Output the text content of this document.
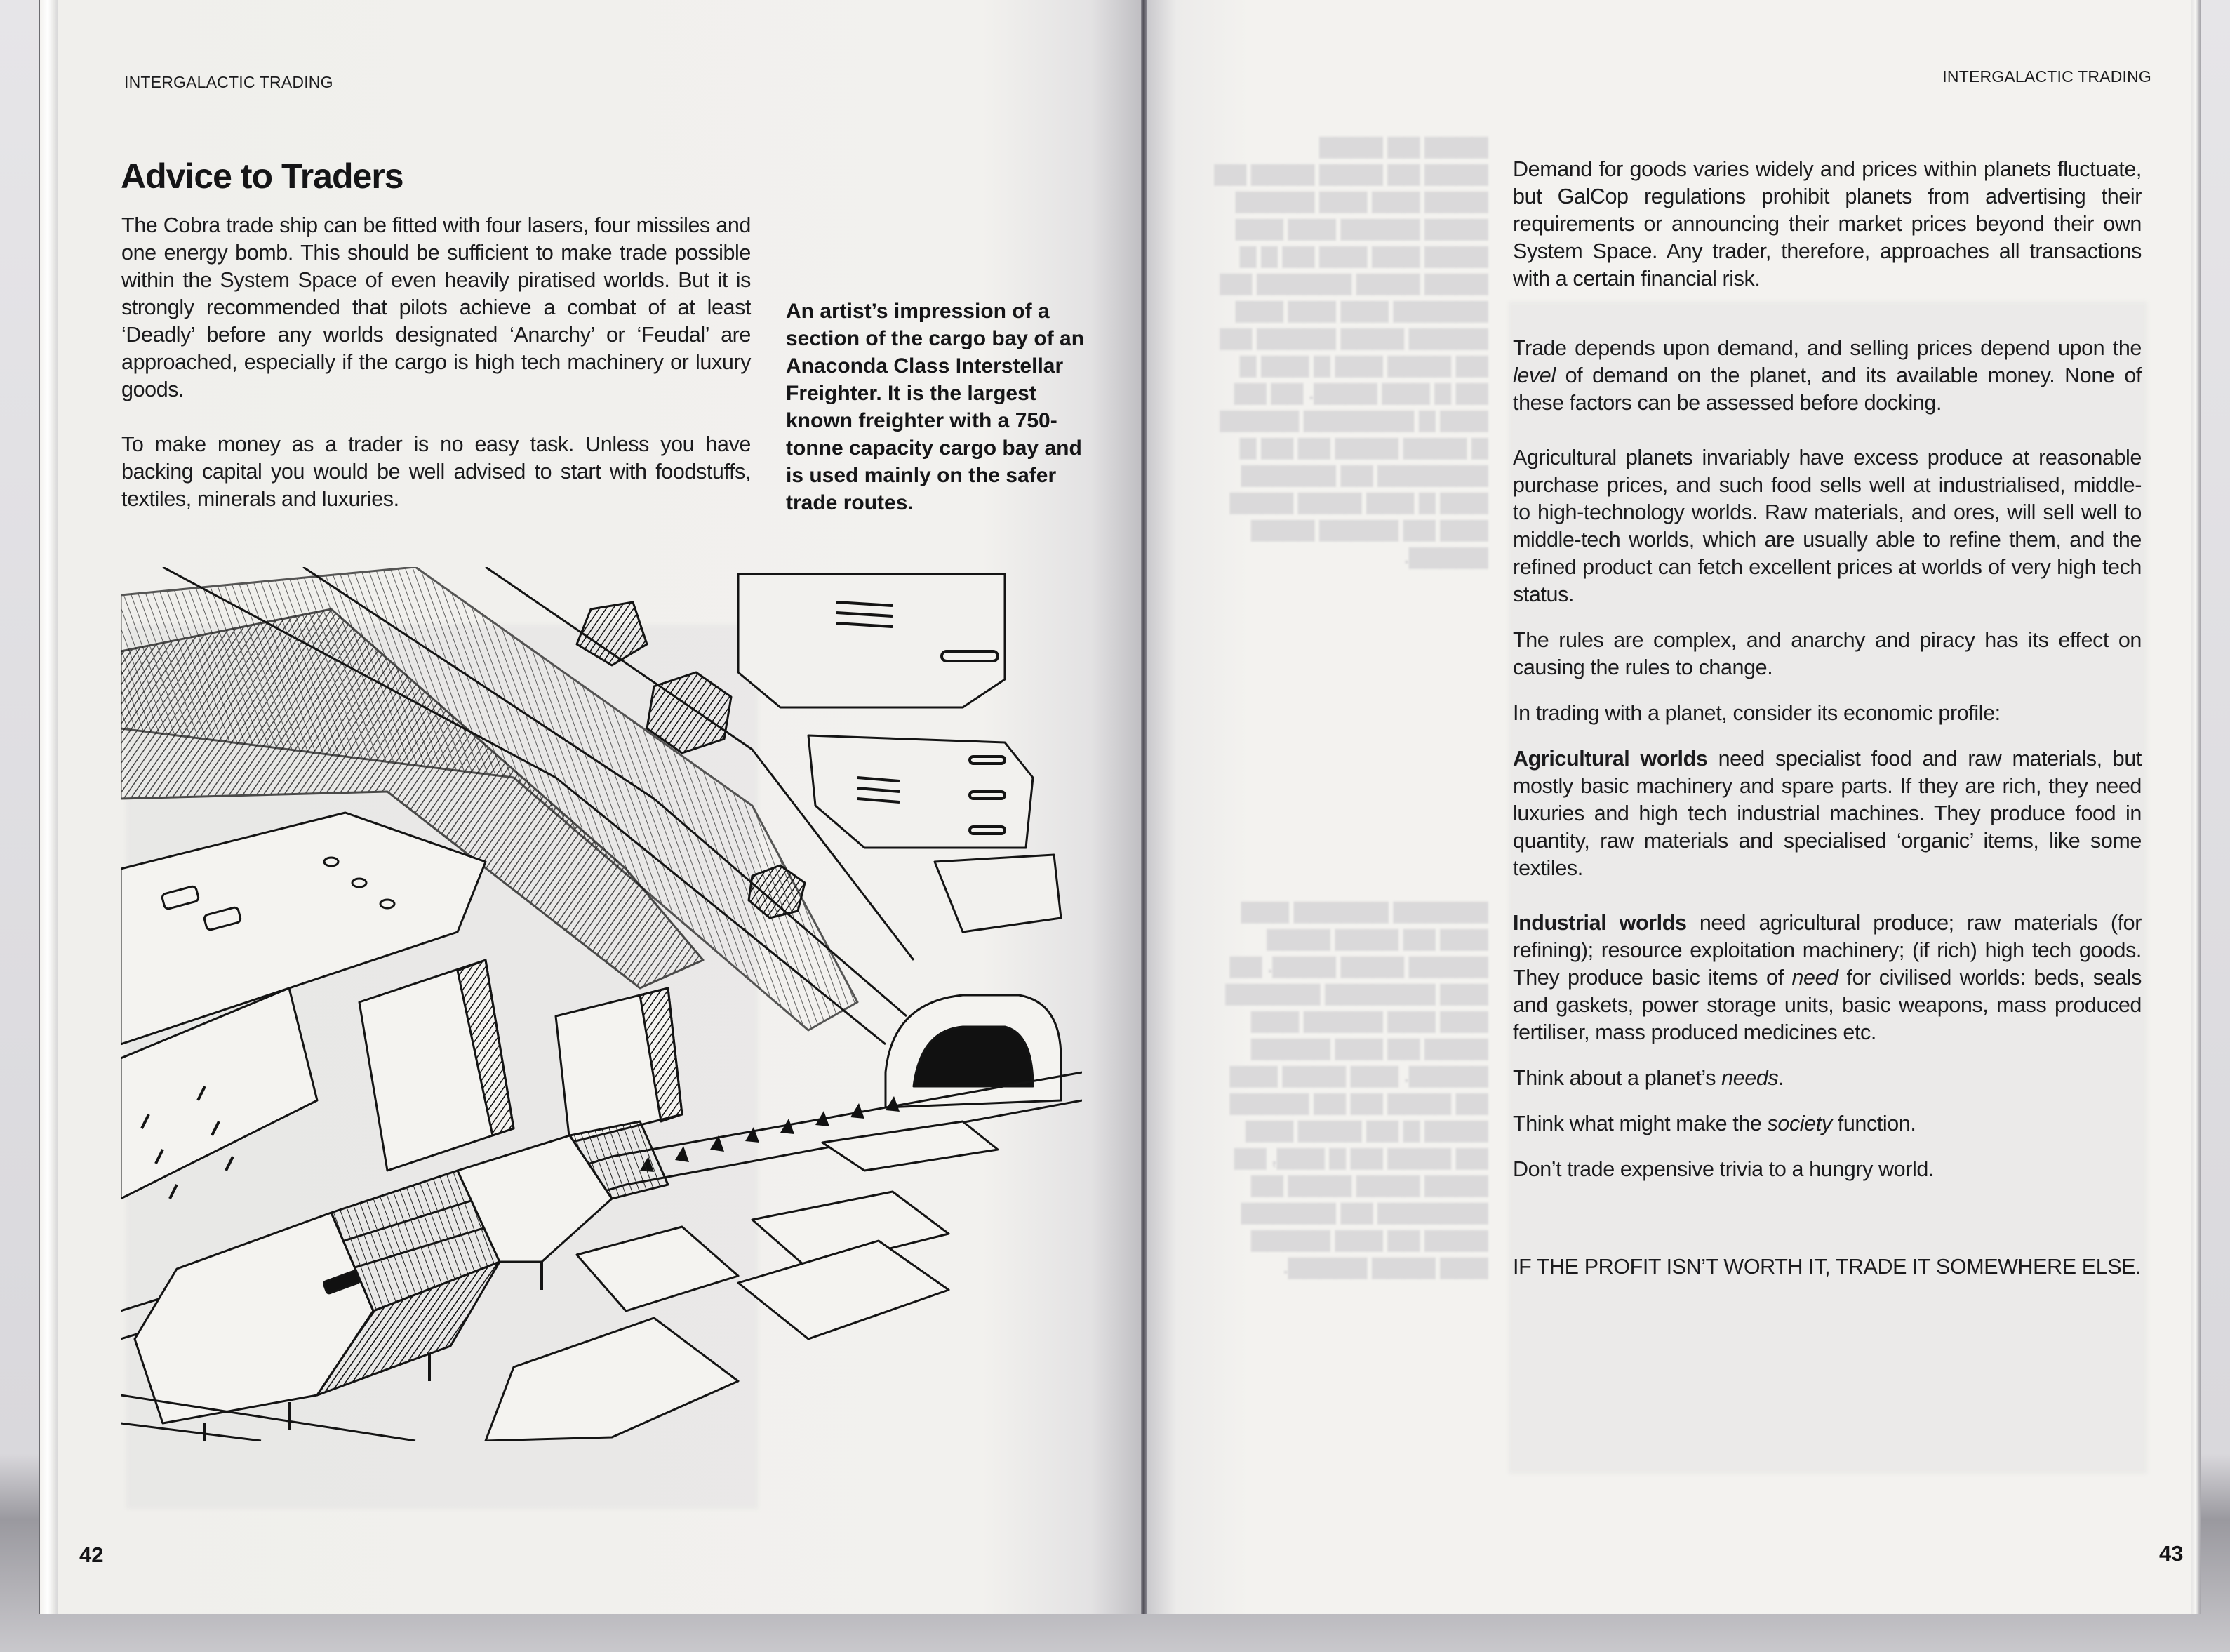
▇▇▇▇ ▇▇ ▇▇▇▇
▇▇▇▇ ▇▇ ▇▇▇▇ ▇▇▇▇ ▇▇
▇▇▇▇ ▇▇▇ ▇▇▇ ▇▇▇▇▇
▇▇▇▇ ▇▇▇▇▇ ▇▇▇ ▇▇▇
▇▇▇▇ ▇▇▇ ▇▇▇ ▇▇ ▇ ▇
▇▇▇▇ ▇▇▇▇ ▇▇▇▇▇▇ ▇▇
▇▇▇▇▇▇ ▇▇▇ ▇▇▇ ▇▇▇
▇▇▇▇▇ ▇▇▇▇ ▇▇▇▇▇ ▇▇
▇▇ ▇▇▇▇ ▇▇▇ ▇ ▇▇▇ ▇
▇▇ ▇ ▇▇▇ ▇▇▇▇. ▇▇ ▇▇
▇▇▇ ▇ ▇▇▇▇▇▇▇ ▇▇▇▇▇
▇ ▇▇▇▇ ▇▇▇▇ ▇▇ ▇▇ ▇
▇▇▇▇▇▇▇ ▇▇ ▇▇▇▇▇▇
▇▇▇ ▇ ▇▇▇ ▇▇▇▇ ▇▇▇▇
▇▇▇ ▇▇ ▇▇▇▇▇ ▇▇▇▇
▇▇▇▇▇.
▇▇▇▇▇▇ ▇▇▇▇▇▇ ▇▇▇
▇▇▇ ▇▇ ▇▇▇▇ ▇▇▇▇
▇▇▇▇▇ ▇▇▇▇ ▇▇▇▇. ▇▇
▇▇▇ ▇▇▇▇▇▇▇ ▇▇▇▇▇▇
▇▇▇ ▇▇▇ ▇▇▇▇▇ ▇▇▇
▇▇▇▇ ▇▇ ▇▇▇ ▇▇▇▇▇
▇▇▇▇▇. ▇▇▇ ▇▇▇▇ ▇▇▇
▇▇ ▇▇▇▇ ▇▇ ▇▇ ▇▇▇▇▇
▇▇▇▇ ▇ ▇▇ ▇▇▇▇ ▇▇▇
▇▇ ▇▇▇▇ ▇▇ ▇ ▇▇▇, ▇▇
▇▇▇▇ ▇▇▇▇ ▇▇▇▇ ▇▇
▇▇▇▇▇▇▇ ▇▇ ▇▇▇▇▇▇
▇▇▇▇ ▇▇ ▇▇▇ ▇▇▇▇▇
▇▇▇ ▇▇▇▇ ▇▇▇▇▇.
INTERGALACTIC TRADING	INTERGALACTIC TRADING
Advice to Traders

The Cobra trade ship can be fitted with four lasers, four missiles and one energy bomb. This should be sufficient to make trade possible within the System Space of even heavily piratised worlds. But it is strongly recommended that pilots achieve a combat of at least ‘Deadly’ before any worlds designated ‘Anarchy’ or ‘Feudal’ are approached, especially if the cargo is high tech machinery or luxury goods.

To make money as a trader is no easy task. Unless you have backing capital you would be well advised to start with foodstuffs, textiles, minerals and luxuries.

An artist’s impression of a section of the cargo bay of an Anaconda Class Interstellar Freighter. It is the largest known freighter with a 750-tonne capacity cargo bay and is used mainly on the safer trade routes.

Demand for goods varies widely and prices within planets fluctuate, but GalCop regulations prohibit planets from advertising their requirements or announcing their market prices beyond their own System Space. Any trader, therefore, approaches all transactions with a certain financial risk.

Trade depends upon demand, and selling prices depend upon the level of demand on the planet, and its available money. None of these factors can be assessed before docking.

Agricultural planets invariably have excess produce at reasonable purchase prices, and such food sells well at industrialised, middle- to high-technology worlds. Raw materials, and ores, will sell well to middle-tech worlds, which are usually able to refine them, and the refined product can fetch excellent prices at worlds of very high tech status.

The rules are complex, and anarchy and piracy has its effect on causing the rules to change.

In trading with a planet, consider its economic profile:

Agricultural worlds need specialist food and raw materials, but mostly basic machinery and spare parts. If they are rich, they need luxuries and high tech industrial machines. They produce food in quantity, raw materials and specialised ‘organic’ items, like some textiles.

Industrial worlds need agricultural produce; raw materials (for refining); resource exploitation machinery; (if rich) high tech goods. They produce basic items of need for civilised worlds: beds, seals and gaskets, power storage units, basic weapons, mass produced fertiliser, mass produced medicines etc.

Think about a planet’s needs.

Think what might make the society function.

Don’t trade expensive trivia to a hungry world.

IF THE PROFIT ISN’T WORTH IT, TRADE IT SOMEWHERE ELSE.

42	43
